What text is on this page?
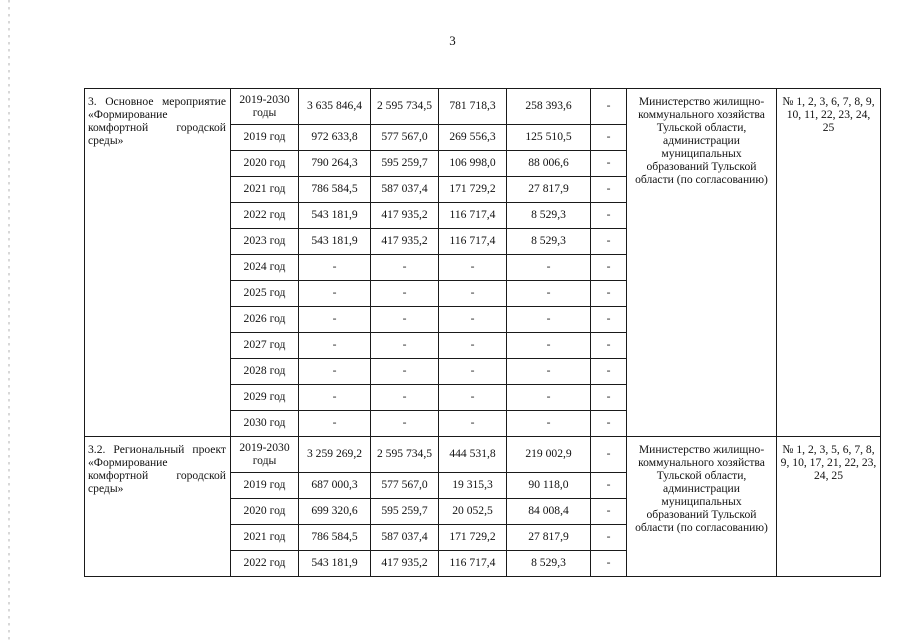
3
3. Основное мероприятие «Формирование комфортной городской среды»	2019-2030 годы	3 635 846,4	2 595 734,5	781 718,3	258 393,6	-	Министерство жилищно-коммунального хозяйства Тульской области, администрации муниципальных образований Тульской области (по согласованию)	№ 1, 2, 3, 6, 7, 8, 9, 10, 11, 22, 23, 24, 25
	2019 год	972 633,8	577 567,0	269 556,3	125 510,5	-		
	2020 год	790 264,3	595 259,7	106 998,0	88 006,6	-		
	2021 год	786 584,5	587 037,4	171 729,2	27 817,9	-		
	2022 год	543 181,9	417 935,2	116 717,4	8 529,3	-		
	2023 год	543 181,9	417 935,2	116 717,4	8 529,3	-		
	2024 год	-	-	-	-	-		
	2025 год	-	-	-	-	-		
	2026 год	-	-	-	-	-		
	2027 год	-	-	-	-	-		
	2028 год	-	-	-	-	-		
	2029 год	-	-	-	-	-		
	2030 год	-	-	-	-	-		
3.2. Региональный проект «Формирование комфортной городской среды»	2019-2030 годы	3 259 269,2	2 595 734,5	444 531,8	219 002,9	-	Министерство жилищно-коммунального хозяйства Тульской области, администрации муниципальных образований Тульской области (по согласованию)	№ 1, 2, 3, 5, 6, 7, 8, 9, 10, 17, 21, 22, 23, 24, 25
	2019 год	687 000,3	577 567,0	19 315,3	90 118,0	-		
	2020 год	699 320,6	595 259,7	20 052,5	84 008,4	-		
	2021 год	786 584,5	587 037,4	171 729,2	27 817,9	-		
	2022 год	543 181,9	417 935,2	116 717,4	8 529,3	-		
